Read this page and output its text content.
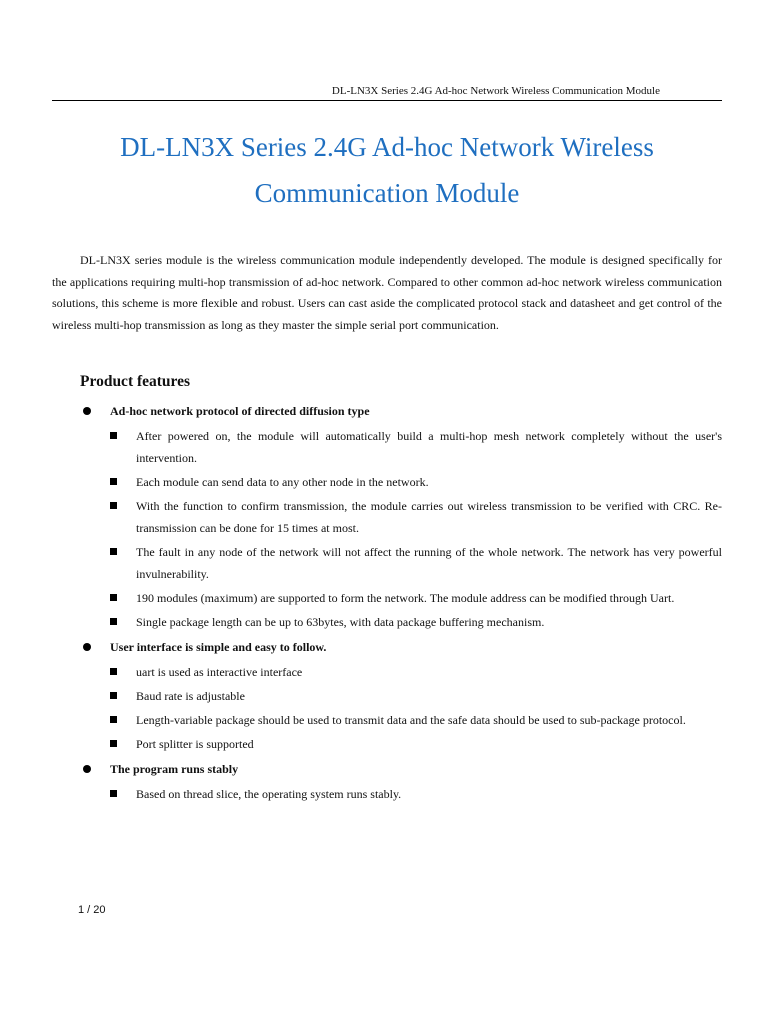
DL-LN3X Series 2.4G Ad-hoc Network Wireless Communication Module
DL-LN3X Series 2.4G Ad-hoc Network Wireless
Communication Module

DL-LN3X series module is the wireless communication module independently developed. The module is designed specifically for the applications requiring multi-hop transmission of ad-hoc network. Compared to other common ad-hoc network wireless communication solutions, this scheme is more flexible and robust. Users can cast aside the complicated protocol stack and datasheet and get control of the wireless multi-hop transmission as long as they master the simple serial port communication.

Product features
Ad-hoc network protocol of directed diffusion type
After powered on, the module will automatically build a multi-hop mesh network completely without the user's intervention.
Each module can send data to any other node in the network.
With the function to confirm transmission, the module carries out wireless transmission to be verified with CRC. Re-transmission can be done for 15 times at most.
The fault in any node of the network will not affect the running of the whole network. The network has very powerful invulnerability.
190 modules (maximum) are supported to form the network. The module address can be modified through Uart.
Single package length can be up to 63bytes, with data package buffering mechanism.
User interface is simple and easy to follow.
uart is used as interactive interface
Baud rate is adjustable
Length-variable package should be used to transmit data and the safe data should be used to sub-package protocol.
Port splitter is supported
The program runs stably
Based on thread slice, the operating system runs stably.
1 / 20
